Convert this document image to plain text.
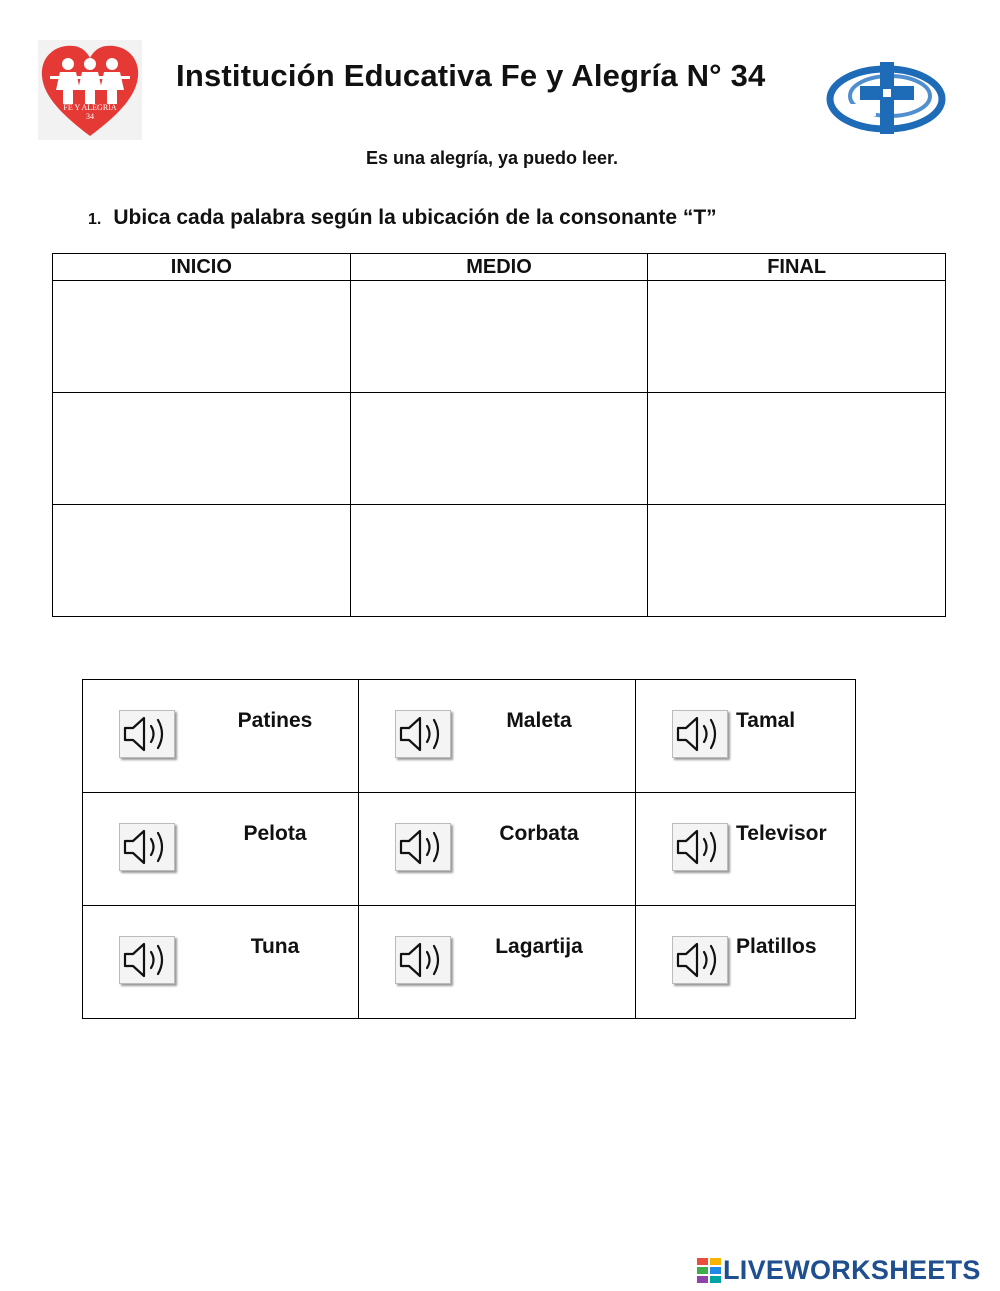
FE Y ALEGRÍA 34
Institución Educativa Fe y Alegría N° 34
Es una alegría, ya puedo leer.
1. Ubica cada palabra según la ubicación de la consonante “T”
INICIO	MEDIO	FINAL

Patines	Maleta	Tamal

Pelota	Corbata	Televisor

Tuna	Lagartija	Platillos
LIVEWORKSHEETS
